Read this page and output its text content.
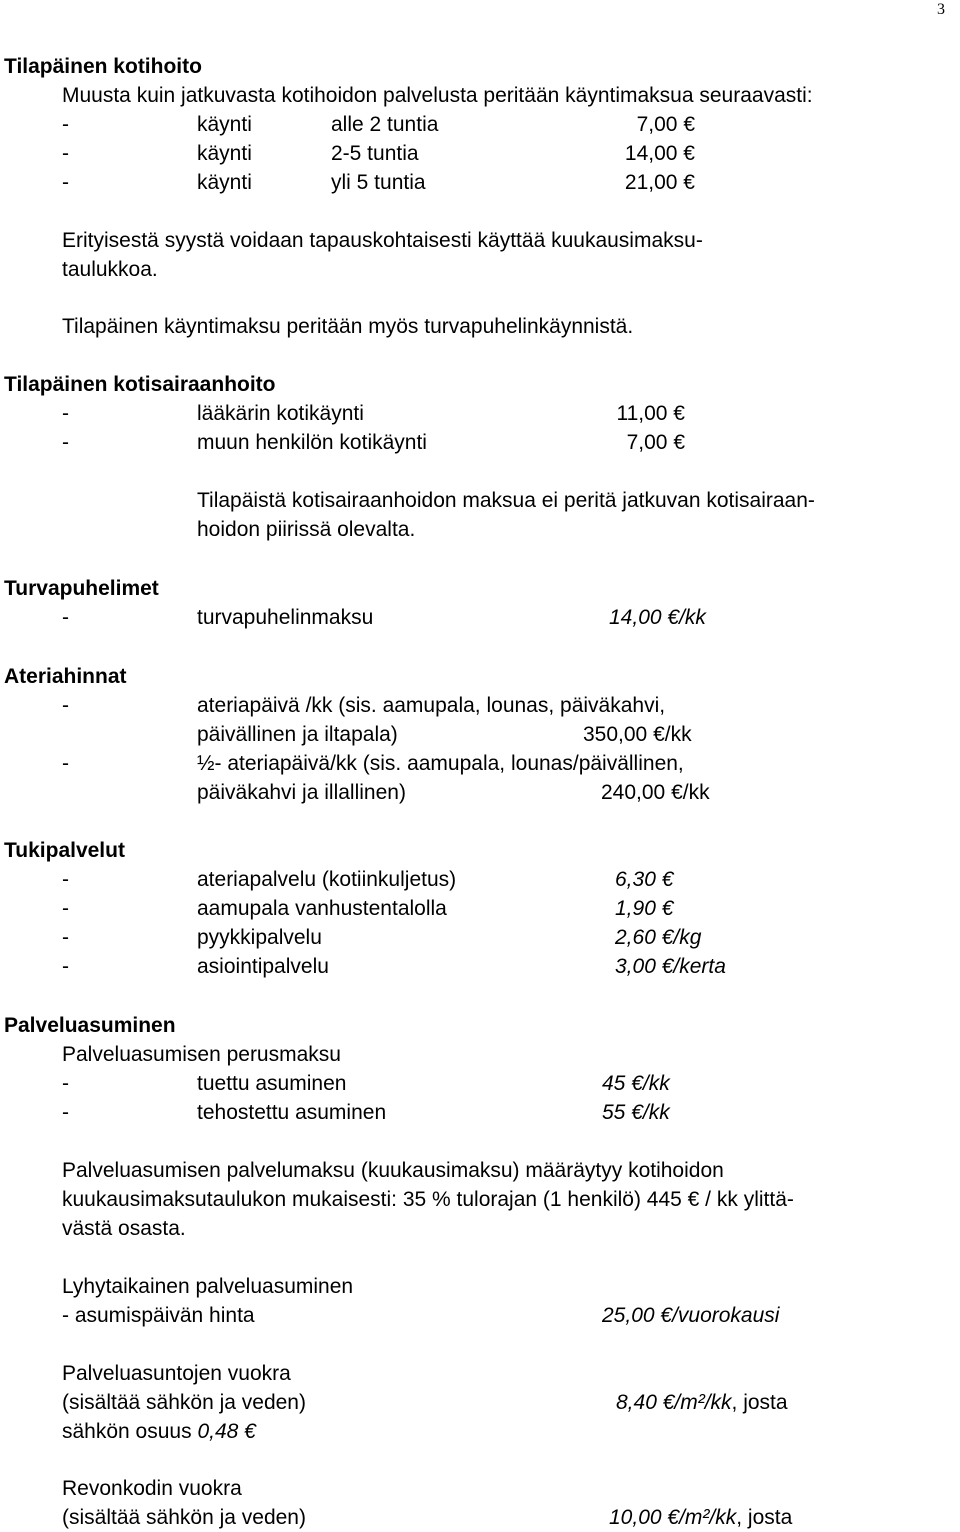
3
Tilapäinen kotihoito
Muusta kuin jatkuvasta kotihoidon palvelusta peritään käyntimaksua seuraavasti:
-	käynti	alle 2 tuntia	7,00 €
-	käynti	2-5 tuntia	14,00 €
-	käynti	yli 5 tuntia	21,00 €
Erityisestä syystä voidaan tapauskohtaisesti käyttää kuukausimaksu-
taulukkoa.
Tilapäinen käyntimaksu peritään myös turvapuhelinkäynnistä.
Tilapäinen kotisairaanhoito
-	lääkärin kotikäynti	11,00 €
-	muun henkilön kotikäynti	7,00 €
Tilapäistä kotisairaanhoidon maksua ei peritä jatkuvan kotisairaan-
hoidon piirissä olevalta.
Turvapuhelimet
-	turvapuhelinmaksu	14,00 €/kk
Ateriahinnat
-	ateriapäivä /kk (sis. aamupala, lounas, päiväkahvi,
päivällinen ja iltapala)	350,00 €/kk
-	½- ateriapäivä/kk (sis. aamupala, lounas/päivällinen,
päiväkahvi ja illallinen)	240,00 €/kk
Tukipalvelut
-	ateriapalvelu (kotiinkuljetus)	6,30 €
-	aamupala vanhustentalolla	1,90 €
-	pyykkipalvelu	2,60 €/kg
-	asiointipalvelu	3,00 €/kerta
Palveluasuminen
Palveluasumisen perusmaksu
-	tuettu asuminen	45 €/kk
-	tehostettu asuminen	55 €/kk
Palveluasumisen palvelumaksu (kuukausimaksu) määräytyy kotihoidon
kuukausimaksutaulukon mukaisesti: 35 % tulorajan (1 henkilö) 445 € / kk ylittä-
västä osasta.
Lyhytaikainen palveluasuminen
- asumispäivän hinta	25,00 €/vuorokausi
Palveluasuntojen vuokra
(sisältää sähkön ja veden)	8,40 €/m²/kk, josta
sähkön osuus 0,48 €
Revonkodin vuokra
(sisältää sähkön ja veden)	10,00 €/m²/kk, josta
